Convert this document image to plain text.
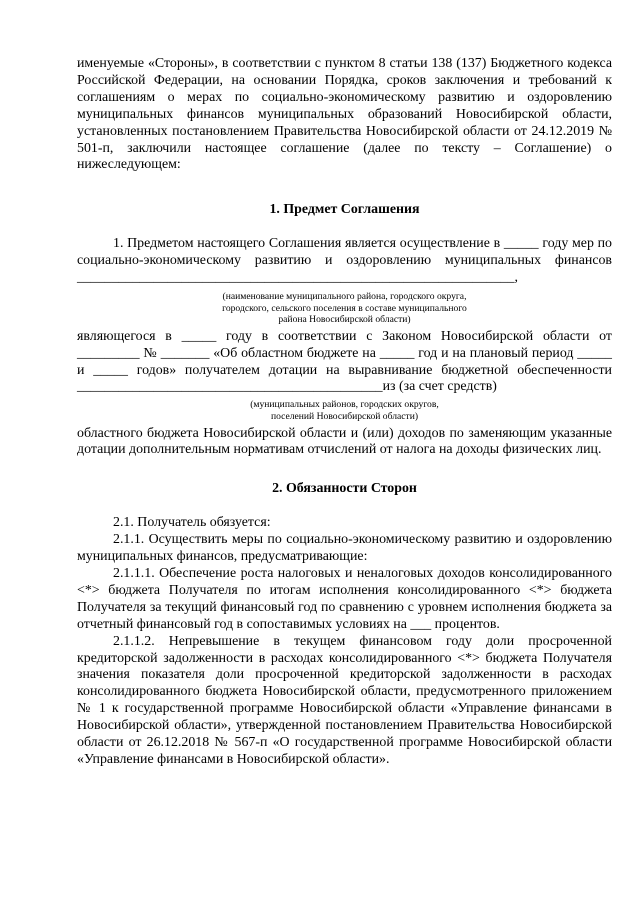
именуемые «Стороны», в соответствии с пунктом 8 статьи 138 (137) Бюджетного кодекса Российской Федерации, на основании Порядка, сроков заключения и требований к соглашениям о мерах по социально-экономическому развитию и оздоровлению муниципальных финансов муниципальных образований Новосибирской области, установленных постановлением Правительства Новосибирской области от 24.12.2019 № 501-п, заключили настоящее соглашение (далее по тексту – Соглашение) о нижеследующем:

1. Предмет Соглашения

1. Предметом настоящего Соглашения является осуществление в _____ году мер по социально-экономическому развитию и оздоровлению муниципальных финансов _______________________________________________________________,

(наименование муниципального района, городского округа,

городского, сельского поселения в составе муниципального

района Новосибирской области)

являющегося в _____ году в соответствии с Законом Новосибирской области от _________ № _______ «Об областном бюджете на _____ год и на плановый период _____ и _____ годов» получателем дотации на выравнивание бюджетной обеспеченности ____________________________________________из (за счет средств)

(муниципальных районов, городских округов,

поселений Новосибирской области)

областного бюджета Новосибирской области и (или) доходов по заменяющим указанные дотации дополнительным нормативам отчислений от налога на доходы физических лиц.

2. Обязанности Сторон

2.1. Получатель обязуется:

2.1.1. Осуществить меры по социально-экономическому развитию и оздоровлению муниципальных финансов, предусматривающие:

2.1.1.1. Обеспечение роста налоговых и неналоговых доходов консолидированного <*> бюджета Получателя по итогам исполнения консолидированного <*> бюджета Получателя за текущий финансовый год по сравнению с уровнем исполнения бюджета за отчетный финансовый год в сопоставимых условиях на ___ процентов.

2.1.1.2. Непревышение в текущем финансовом году доли просроченной кредиторской задолженности в расходах консолидированного <*> бюджета Получателя значения показателя доли просроченной кредиторской задолженности в расходах консолидированного бюджета Новосибирской области, предусмотренного приложением № 1 к государственной программе Новосибирской области «Управление финансами в Новосибирской области», утвержденной постановлением Правительства Новосибирской области от 26.12.2018 № 567-п «О государственной программе Новосибирской области «Управление финансами в Новосибирской области».
